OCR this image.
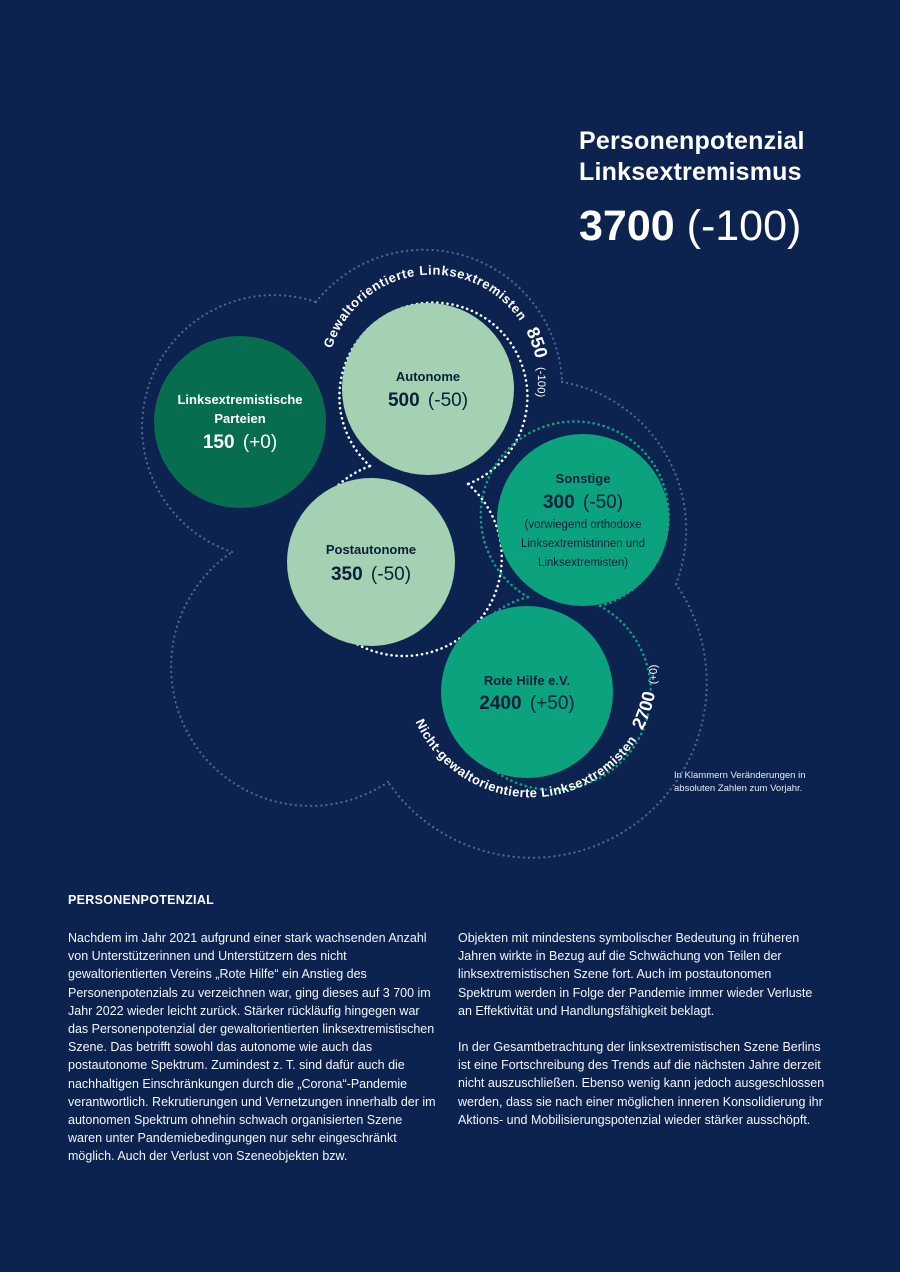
Gewaltorientierte Linksextremisten 850 (-100)
Nicht-gewaltorientierte Linksextremisten 2700 (+0)
Linksextremistische
Parteien
150 (+0)
Autonome
500 (-50)
Postautonome
350 (-50)
Sonstige
300 (-50)
(vorwiegend orthodoxe
Linksextremistinnen und
Linksextremisten)
Rote Hilfe e.V.
2400 (+50)
Personenpotenzial
Linksextremismus
3700 (-100)
In Klammern Veränderungen in absoluten Zahlen zum Vorjahr.
PERSONENPOTENZIAL

Nachdem im Jahr 2021 aufgrund einer stark wachsenden Anzahl von Unterstützerinnen und Unterstützern des nicht gewaltorientierten Vereins „Rote Hilfe“ ein Anstieg des Personenpotenzials zu verzeichnen war, ging dieses auf 3 700 im Jahr 2022 wieder leicht zurück. Stärker rückläufig hingegen war das Personenpotenzial der gewaltorientierten linksextremistischen Szene. Das betrifft sowohl das autonome wie auch das postautonome Spektrum. Zumindest z. T. sind dafür auch die nachhaltigen Einschränkungen durch die „Corona“-Pandemie verantwortlich. Rekrutierungen und Vernetzungen innerhalb der im autonomen Spektrum ohnehin schwach organisierten Szene waren unter Pandemiebedingungen nur sehr eingeschränkt möglich. Auch der Verlust von Szeneobjekten bzw.

Objekten mit mindestens symbolischer Bedeutung in früheren Jahren wirkte in Bezug auf die Schwächung von Teilen der linksextremistischen Szene fort. Auch im postautonomen Spektrum werden in Folge der Pandemie immer wieder Verluste an Effektivität und Handlungsfähigkeit beklagt.

In der Gesamtbetrachtung der linksextremistischen Szene Berlins ist eine Fortschreibung des Trends auf die nächsten Jahre derzeit nicht auszuschließen. Ebenso wenig kann jedoch ausgeschlossen werden, dass sie nach einer möglichen inneren Konsolidierung ihr Aktions- und Mobilisierungspotenzial wieder stärker ausschöpft.
